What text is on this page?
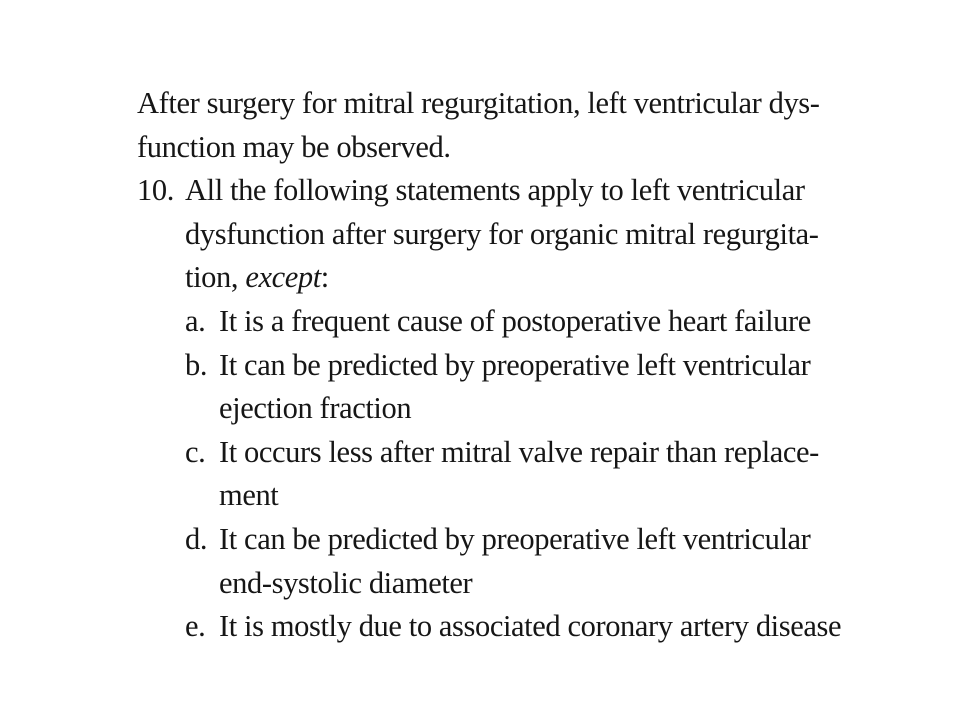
After surgery for mitral regurgitation, left ventricular dys-
function may be observed.
10. All the following statements apply to left ventricular
dysfunction after surgery for organic mitral regurgita-
tion, except:
a. It is a frequent cause of postoperative heart failure
b. It can be predicted by preoperative left ventricular
ejection fraction
c. It occurs less after mitral valve repair than replace-
ment
d. It can be predicted by preoperative left ventricular
end-systolic diameter
e. It is mostly due to associated coronary artery disease
